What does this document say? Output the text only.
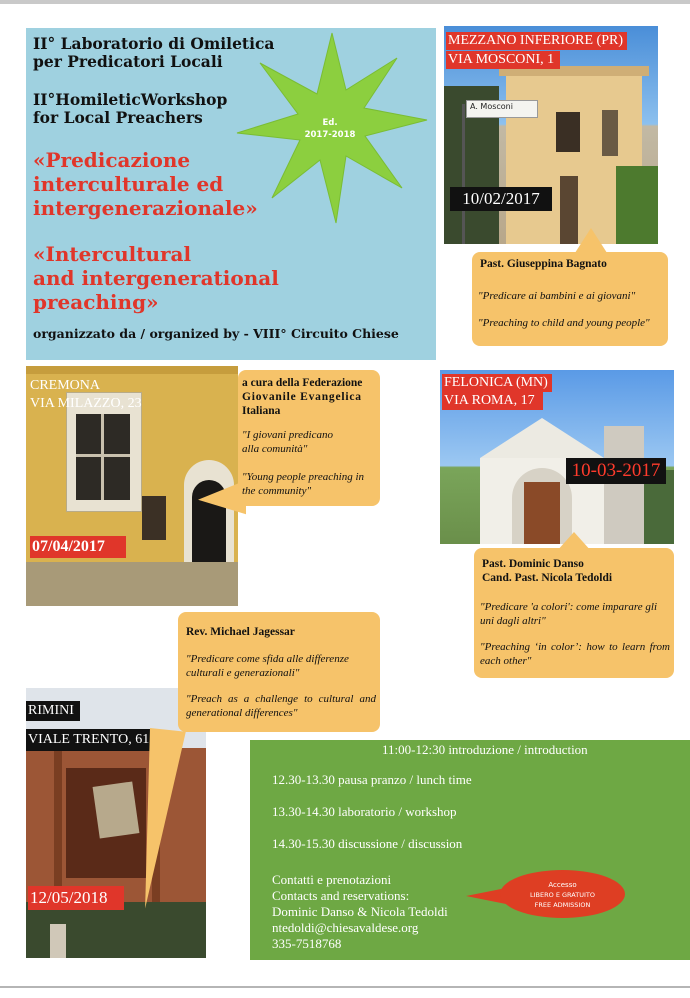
II° Laboratorio di Omiletica
per Predicatori Locali
II°HomileticWorkshop
for Local Preachers
«Predicazione
interculturale ed
intergenerazionale»
«Intercultural
and intergenerational
preaching»
organizzato da / organized by - VIII° Circuito Chiese
Ed.
2017-2018
A. Mosconi
MEZZANO INFERIORE (PR)
VIA MOSCONI, 1
10/02/2017
Past. Giuseppina Bagnato
"Predicare ai bambini e ai giovani"
"Preaching to child and young people"
CREMONA
VIA MILAZZO, 23
07/04/2017
a cura della Federazione
Giovanile Evangelica
Italiana
"I giovani predicano
alla comunità"
"Young people preaching in the community"
FELONICA (MN)
VIA ROMA, 17
10-03-2017
Past. Dominic Danso
Cand. Past. Nicola Tedoldi
"Predicare 'a colori': come imparare gli uni dagli altri"
"Preaching ‘in color’: how to learn from each other"
RIMINI
VIALE TRENTO, 61
12/05/2018
Rev. Michael Jagessar
"Predicare come sfida alle differenze culturali e generazionali"
"Preach as a challenge to cultural and generational differences"
11:00-12:30 introduzione / introduction
12.30-13.30 pausa pranzo / lunch time
13.30-14.30 laboratorio / workshop
14.30-15.30 discussione / discussion
Contatti e prenotazioni
Contacts and reservations:
Dominic Danso & Nicola Tedoldi
ntedoldi@chiesavaldese.org
335-7518768
Accesso
LIBERO E GRATUITO
FREE ADMISSION
